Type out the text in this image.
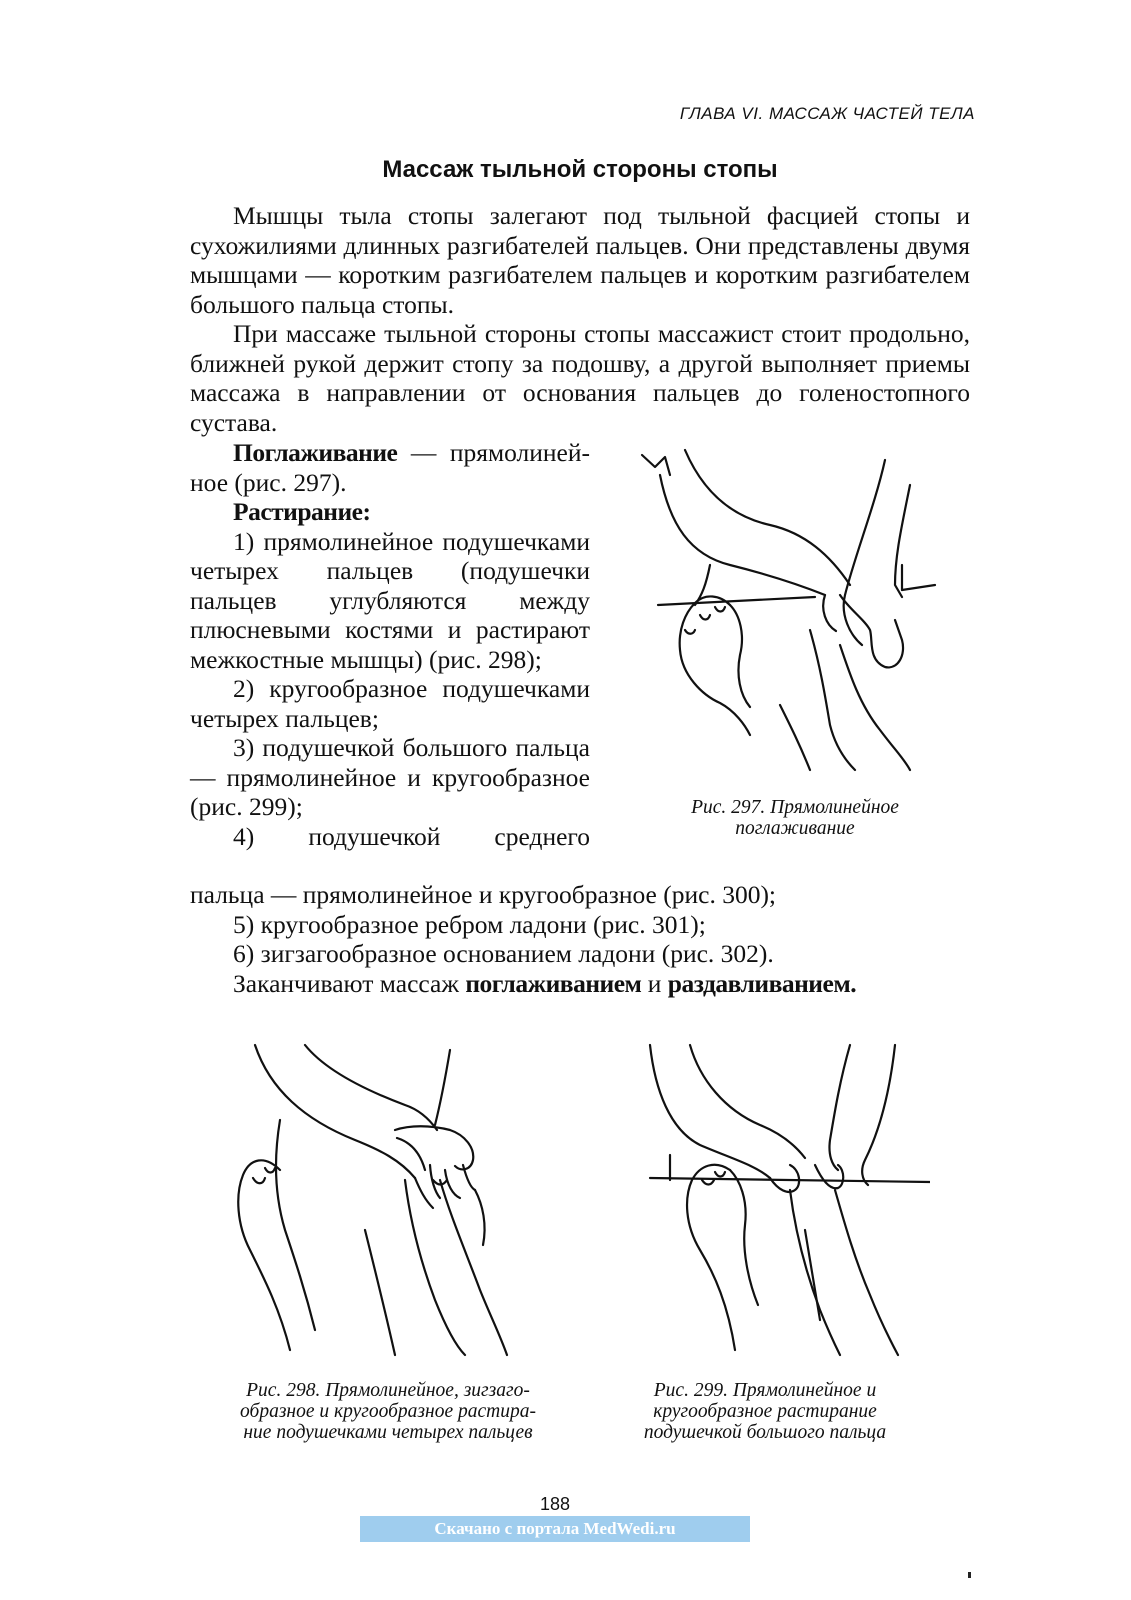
ГЛАВА VI. МАССАЖ ЧАСТЕЙ ТЕЛА
Массаж тыльной стороны стопы

Мышцы тыла стопы залегают под тыльной фасцией стопы и сухожилиями длинных разгибателей пальцев. Они представлены двумя мышцами — коротким разгибателем пальцев и коротким разгибателем большого пальца стопы.

При массаже тыльной стороны стопы массажист стоит продольно, ближней рукой держит стопу за подошву, а другой выполняет приемы массажа в направлении от основания пальцев до голеностопного сустава.

Поглаживание — прямолинейное (рис. 297).

Растирание:

1) прямолинейное подушечками четырех пальцев (подушечки пальцев углубляются между плюсневыми костями и растирают межкостные мышцы) (рис. 298);

2) кругообразное подушечками четырех пальцев;

3) подушечкой большого пальца — прямолинейное и кругообразное (рис. 299);

4) подушечкой среднего

пальца — прямолинейное и кругообразное (рис. 300);

5) кругообразное ребром ладони (рис. 301);

6) зигзагообразное основанием ладони (рис. 302).

Заканчивают массаж поглаживанием и раздавливанием.

Рис. 297. Прямолинейное
поглаживание
Рис. 298. Прямолинейное, зигзаго-
образное и кругообразное растира-
ние подушечками четырех пальцев
Рис. 299. Прямолинейное и
кругообразное растирание
подушечкой большого пальца
188
Скачано с портала MedWedi.ru
